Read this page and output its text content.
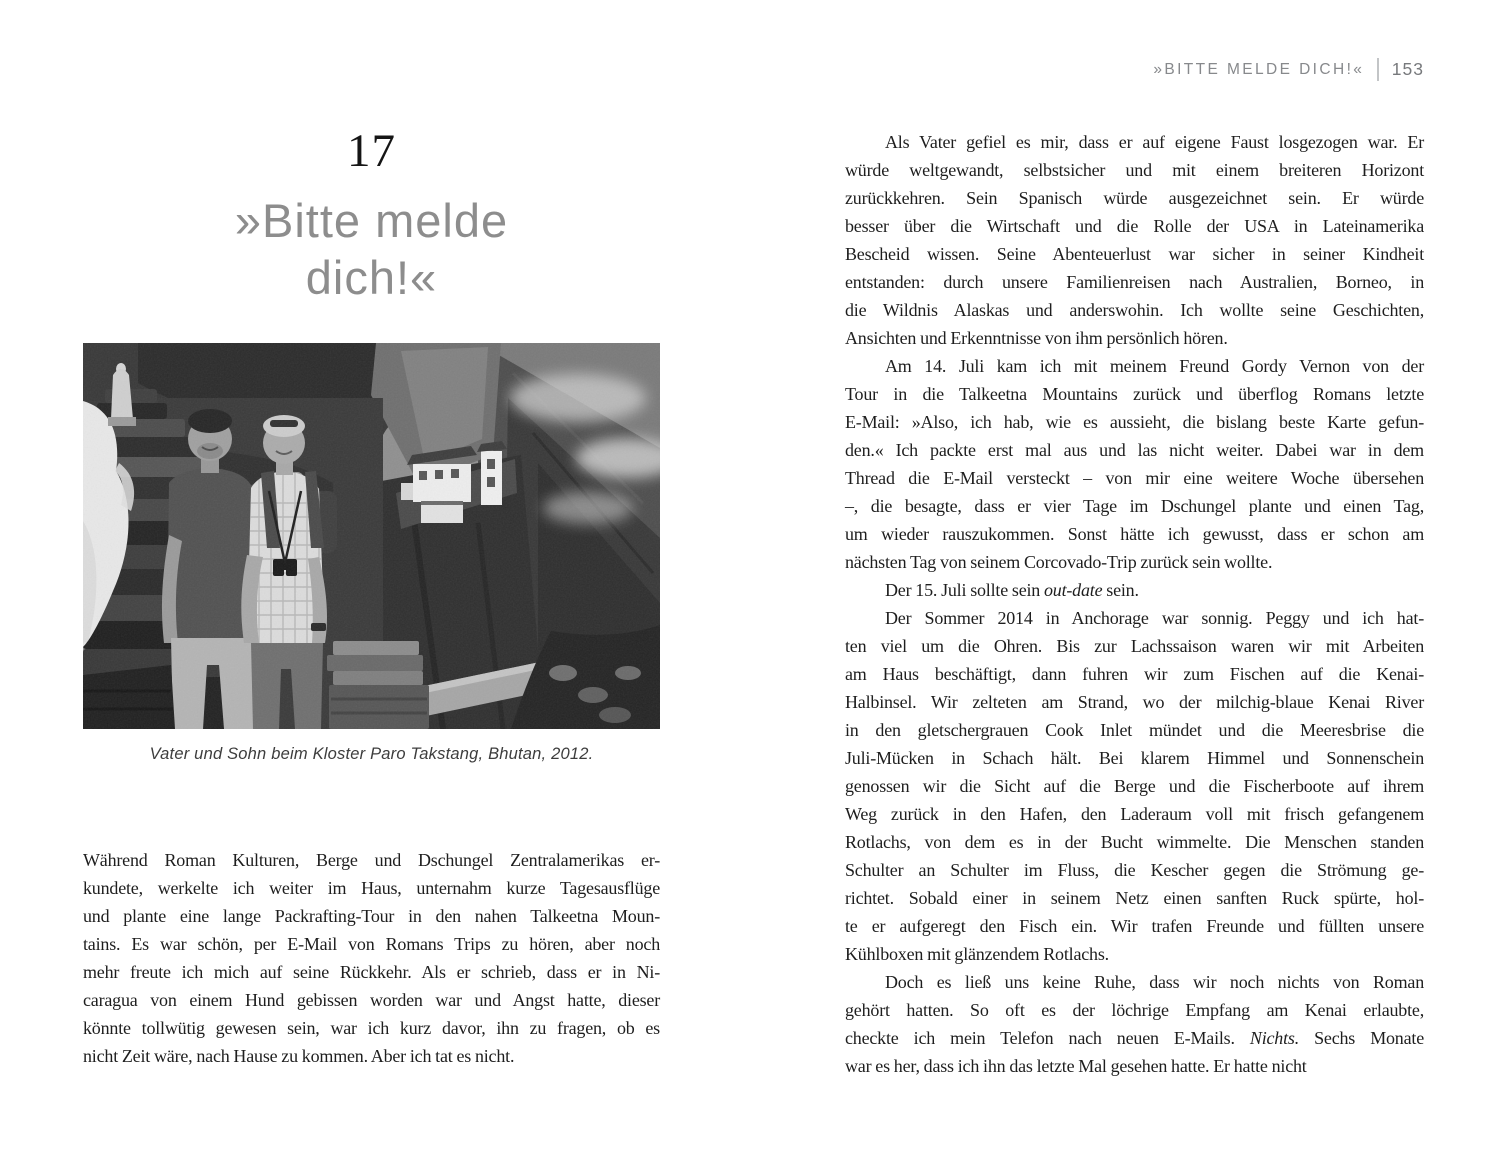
17
»Bitte melde
dich!«
Vater und Sohn beim Kloster Paro Takstang, Bhutan, 2012.
Während Roman Kulturen, Berge und Dschungel Zentralamerikas er-
kundete, werkelte ich weiter im Haus, unternahm kurze Tagesausflüge
und plante eine lange Packrafting-Tour in den nahen Talkeetna Moun-
tains. Es war schön, per E-Mail von Romans Trips zu hören, aber noch
mehr freute ich mich auf seine Rückkehr. Als er schrieb, dass er in Ni-
caragua von einem Hund gebissen worden war und Angst hatte, dieser
könnte tollwütig gewesen sein, war ich kurz davor, ihn zu fragen, ob es
nicht Zeit wäre, nach Hause zu kommen. Aber ich tat es nicht.
»BITTE MELDE DICH!« 153
Als Vater gefiel es mir, dass er auf eigene Faust losgezogen war. Er
würde weltgewandt, selbstsicher und mit einem breiteren Horizont
zurückkehren. Sein Spanisch würde ausgezeichnet sein. Er würde
besser über die Wirtschaft und die Rolle der USA in Lateinamerika
Bescheid wissen. Seine Abenteuerlust war sicher in seiner Kindheit
entstanden: durch unsere Familienreisen nach Australien, Borneo, in
die Wildnis Alaskas und anderswohin. Ich wollte seine Geschichten,
Ansichten und Erkenntnisse von ihm persönlich hören.
Am 14. Juli kam ich mit meinem Freund Gordy Vernon von der
Tour in die Talkeetna Mountains zurück und überflog Romans letzte
E-Mail: »Also, ich hab, wie es aussieht, die bislang beste Karte gefun-
den.« Ich packte erst mal aus und las nicht weiter. Dabei war in dem
Thread die E-Mail versteckt – von mir eine weitere Woche übersehen
–, die besagte, dass er vier Tage im Dschungel plante und einen Tag,
um wieder rauszukommen. Sonst hätte ich gewusst, dass er schon am
nächsten Tag von seinem Corcovado-Trip zurück sein wollte.
Der 15. Juli sollte sein out-date sein.
Der Sommer 2014 in Anchorage war sonnig. Peggy und ich hat-
ten viel um die Ohren. Bis zur Lachssaison waren wir mit Arbeiten
am Haus beschäftigt, dann fuhren wir zum Fischen auf die Kenai-
Halbinsel. Wir zelteten am Strand, wo der milchig-blaue Kenai River
in den gletschergrauen Cook Inlet mündet und die Meeresbrise die
Juli-Mücken in Schach hält. Bei klarem Himmel und Sonnenschein
genossen wir die Sicht auf die Berge und die Fischerboote auf ihrem
Weg zurück in den Hafen, den Laderaum voll mit frisch gefangenem
Rotlachs, von dem es in der Bucht wimmelte. Die Menschen standen
Schulter an Schulter im Fluss, die Kescher gegen die Strömung ge-
richtet. Sobald einer in seinem Netz einen sanften Ruck spürte, hol-
te er aufgeregt den Fisch ein. Wir trafen Freunde und füllten unsere
Kühlboxen mit glänzendem Rotlachs.
Doch es ließ uns keine Ruhe, dass wir noch nichts von Roman
gehört hatten. So oft es der löchrige Empfang am Kenai erlaubte,
checkte ich mein Telefon nach neuen E-Mails. Nichts. Sechs Monate
war es her, dass ich ihn das letzte Mal gesehen hatte. Er hatte nicht
